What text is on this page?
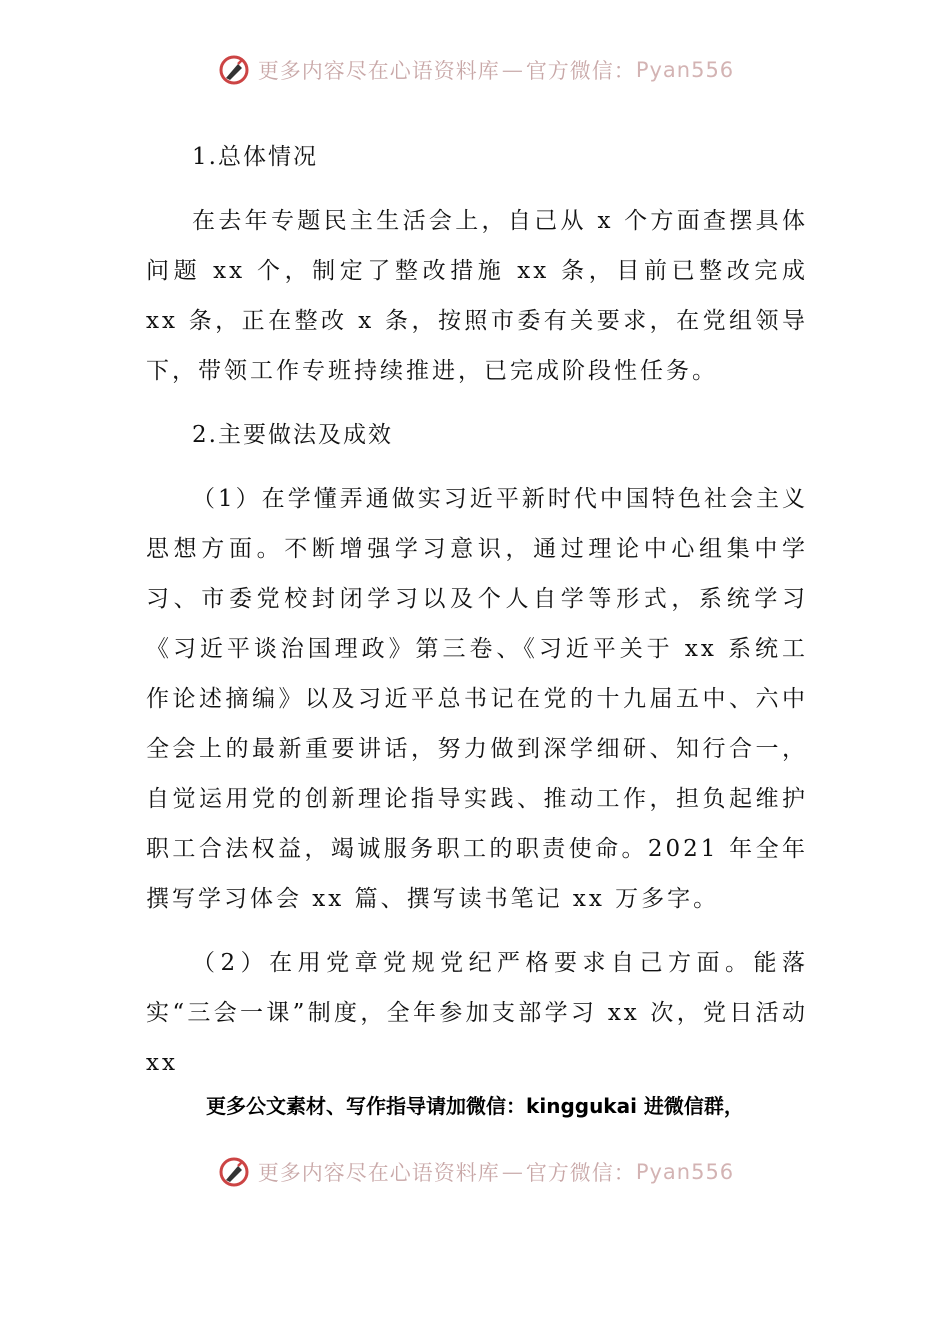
更多内容尽在心语资料库 — 官方微信： Pyan556

1.总体情况

在去年专题民主生活会上，自己从 x 个方面查摆具体问题 xx 个，制定了整改措施 xx 条，目前已整改完成 xx 条，正在整改 x 条，按照市委有关要求，在党组领导下，带领工作专班持续推进，已完成阶段性任务。

2.主要做法及成效

（1）在学懂弄通做实习近平新时代中国特色社会主义思想方面。不断增强学习意识，通过理论中心组集中学习、市委党校封闭学习以及个人自学等形式，系统学习《习近平谈治国理政》第三卷、《习近平关于 xx 系统工作论述摘编》以及习近平总书记在党的十九届五中、六中全会上的最新重要讲话，努力做到深学细研、知行合一，自觉运用党的创新理论指导实践、推动工作，担负起维护职工合法权益，竭诚服务职工的职责使命。2021 年全年撰写学习体会 xx 篇、撰写读书笔记 xx 万多字。

（2）在用党章党规党纪严格要求自己方面。能落实“三会一课”制度，全年参加支部学习 xx 次，党日活动 xx

更多公文素材、写作指导请加微信：kinggukai 进微信群，
更多内容尽在心语资料库 — 官方微信： Pyan556
